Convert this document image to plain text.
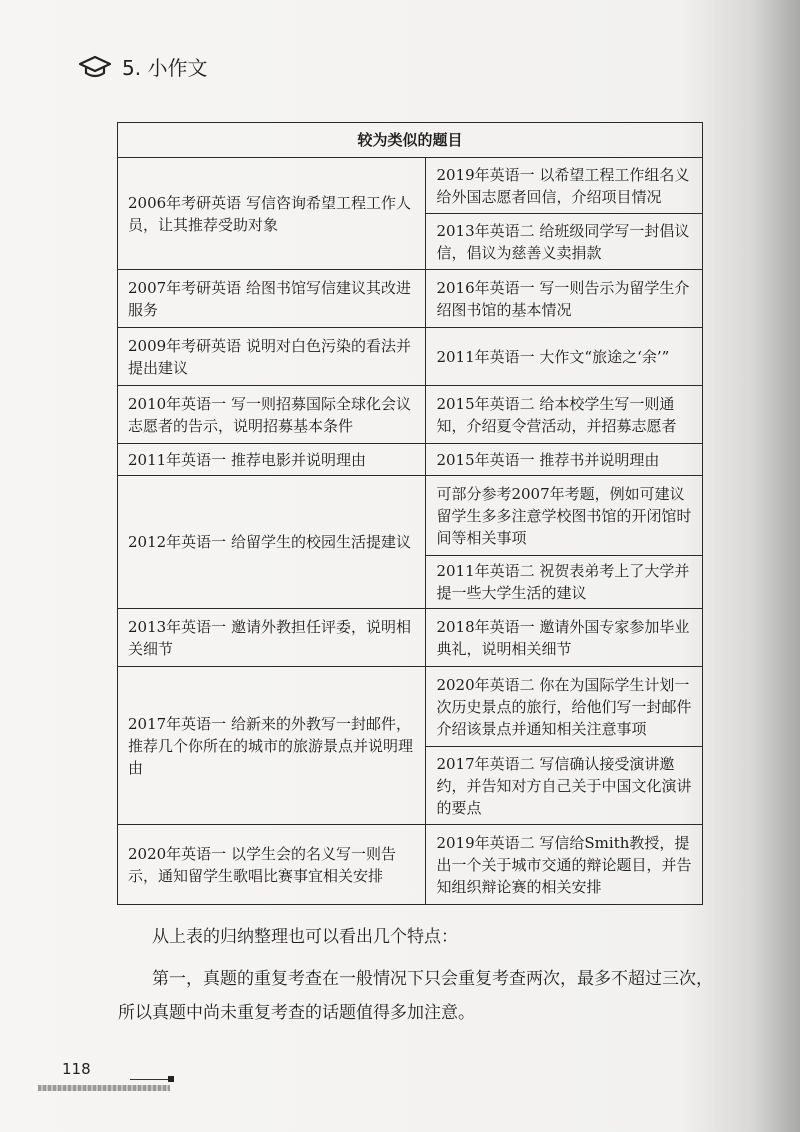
5. 小作文
较为类似的题目	
2006年考研英语 写信咨询希望工程工作人员，让其推荐受助对象	2019年英语一 以希望工程工作组名义给外国志愿者回信，介绍项目情况
	2013年英语二 给班级同学写一封倡议信，倡议为慈善义卖捐款
2007年考研英语 给图书馆写信建议其改进服务	2016年英语一 写一则告示为留学生介绍图书馆的基本情况
2009年考研英语 说明对白色污染的看法并提出建议	2011年英语一 大作文“旅途之‘余’”
2010年英语一 写一则招募国际全球化会议志愿者的告示，说明招募基本条件	2015年英语二 给本校学生写一则通知，介绍夏令营活动，并招募志愿者
2011年英语一 推荐电影并说明理由	2015年英语一 推荐书并说明理由
2012年英语一 给留学生的校园生活提建议	可部分参考2007年考题，例如可建议留学生多多注意学校图书馆的开闭馆时间等相关事项
	2011年英语二 祝贺表弟考上了大学并提一些大学生活的建议
2013年英语一 邀请外教担任评委，说明相关细节	2018年英语一 邀请外国专家参加毕业典礼，说明相关细节
2017年英语一 给新来的外教写一封邮件，推荐几个你所在的城市的旅游景点并说明理由	2020年英语二 你在为国际学生计划一次历史景点的旅行，给他们写一封邮件介绍该景点并通知相关注意事项
	2017年英语二 写信确认接受演讲邀约，并告知对方自己关于中国文化演讲的要点
2020年英语一 以学生会的名义写一则告示，通知留学生歌唱比赛事宜相关安排	2019年英语二 写信给Smith教授，提出一个关于城市交通的辩论题目，并告知组织辩论赛的相关安排
从上表的归纳整理也可以看出几个特点：
第一，真题的重复考查在一般情况下只会重复考查两次，最多不超过三次，所以真题中尚未重复考查的话题值得多加注意。
118
